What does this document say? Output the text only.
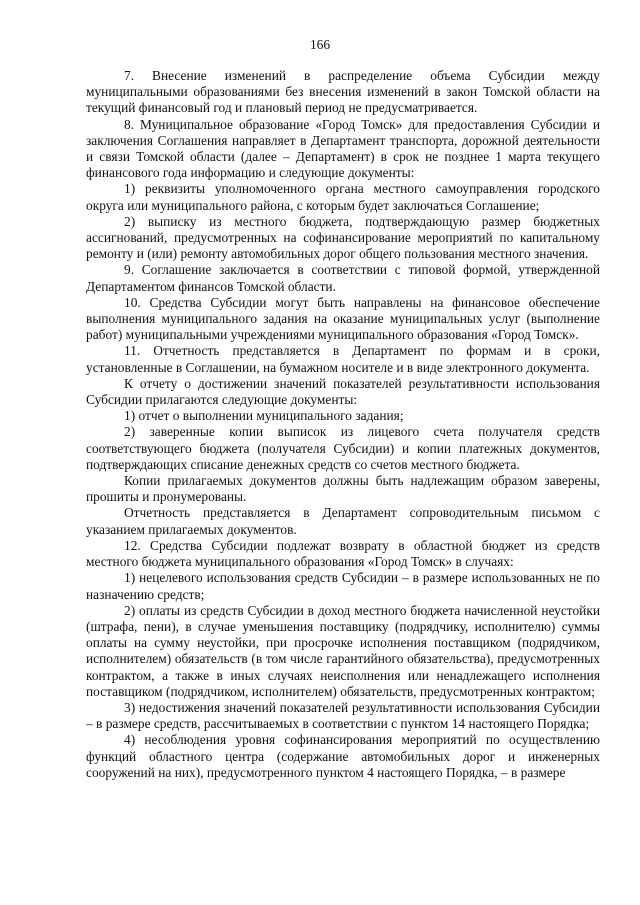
166

7. Внесение изменений в распределение объема Субсидии между муниципальными образованиями без внесения изменений в закон Томской области на текущий финансовый год и плановый период не предусматривается.

8. Муниципальное образование «Город Томск» для предоставления Субсидии и заключения Соглашения направляет в Департамент транспорта, дорожной деятельности и связи Томской области (далее – Департамент) в срок не позднее 1 марта текущего финансового года информацию и следующие документы:

1) реквизиты уполномоченного органа местного самоуправления городского округа или муниципального района, с которым будет заключаться Соглашение;

2) выписку из местного бюджета, подтверждающую размер бюджетных ассигнований, предусмотренных на софинансирование мероприятий по капитальному ремонту и (или) ремонту автомобильных дорог общего пользования местного значения.

9. Соглашение заключается в соответствии с типовой формой, утвержденной Департаментом финансов Томской области.

10. Средства Субсидии могут быть направлены на финансовое обеспечение выполнения муниципального задания на оказание муниципальных услуг (выполнение работ) муниципальными учреждениями муниципального образования «Город Томск».

11. Отчетность представляется в Департамент по формам и в сроки, установленные в Соглашении, на бумажном носителе и в виде электронного документа.

К отчету о достижении значений показателей результативности использования Субсидии прилагаются следующие документы:

1) отчет о выполнении муниципального задания;

2) заверенные копии выписок из лицевого счета получателя средств соответствующего бюджета (получателя Субсидии) и копии платежных документов, подтверждающих списание денежных средств со счетов местного бюджета.

Копии прилагаемых документов должны быть надлежащим образом заверены, прошиты и пронумерованы.

Отчетность представляется в Департамент сопроводительным письмом с указанием прилагаемых документов.

12. Средства Субсидии подлежат возврату в областной бюджет из средств местного бюджета муниципального образования «Город Томск» в случаях:

1) нецелевого использования средств Субсидии – в размере использованных не по назначению средств;

2) оплаты из средств Субсидии в доход местного бюджета начисленной неустойки (штрафа, пени), в случае уменьшения поставщику (подрядчику, исполнителю) суммы оплаты на сумму неустойки, при просрочке исполнения поставщиком (подрядчиком, исполнителем) обязательств (в том числе гарантийного обязательства), предусмотренных контрактом, а также в иных случаях неисполнения или ненадлежащего исполнения поставщиком (подрядчиком, исполнителем) обязательств, предусмотренных контрактом;

3) недостижения значений показателей результативности использования Субсидии – в размере средств, рассчитываемых в соответствии с пунктом 14 настоящего Порядка;

4) несоблюдения уровня софинансирования мероприятий по осуществлению функций областного центра (содержание автомобильных дорог и инженерных сооружений на них), предусмотренного пунктом 4 настоящего Порядка, – в размере
